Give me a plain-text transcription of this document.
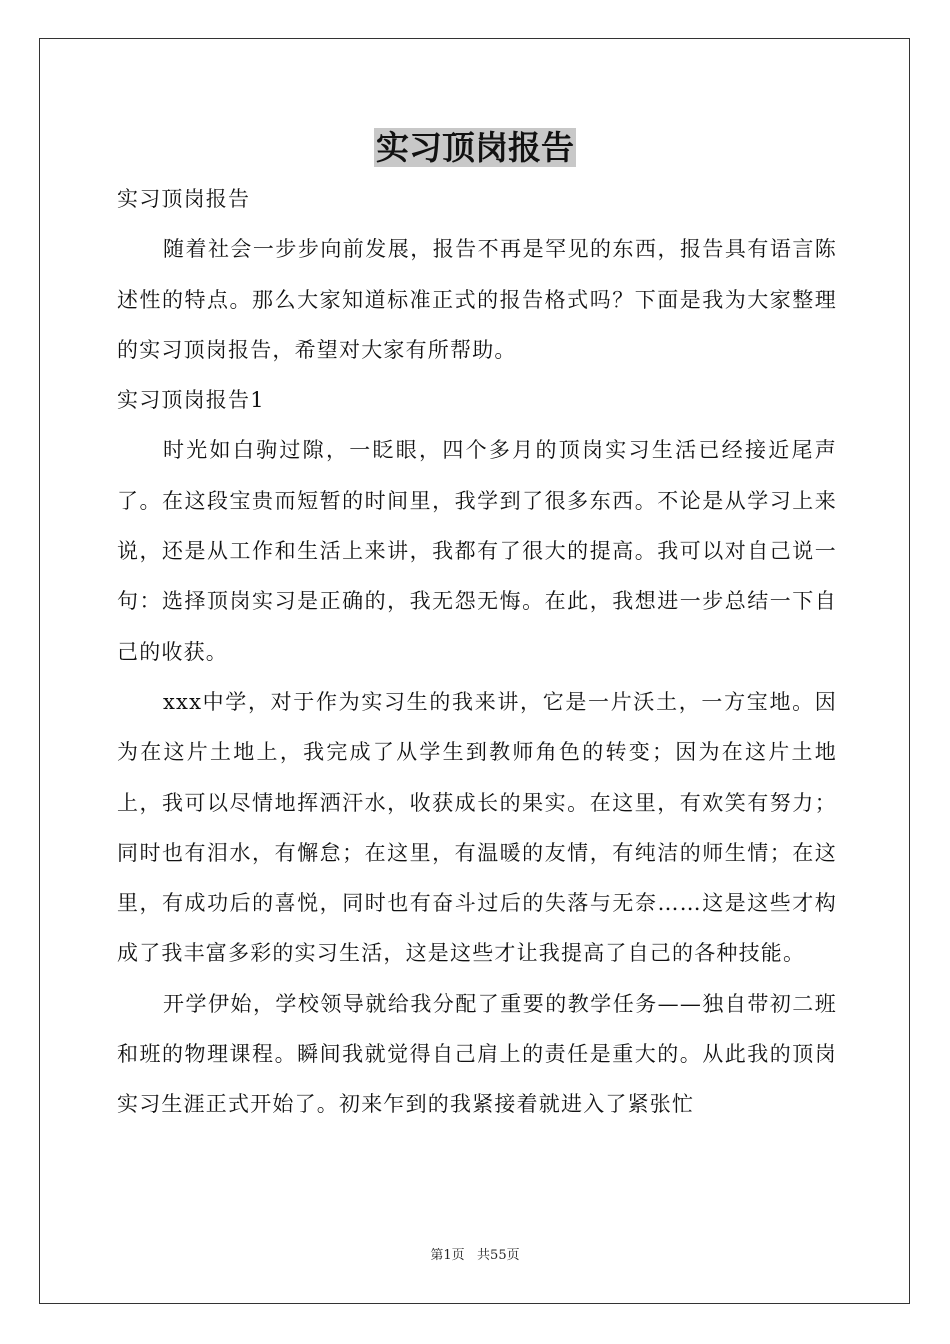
实习顶岗报告

实习顶岗报告

随着社会一步步向前发展，报告不再是罕见的东西，报告具有语言陈述性的特点。那么大家知道标准正式的报告格式吗？下面是我为大家整理的实习顶岗报告，希望对大家有所帮助。

实习顶岗报告1

时光如白驹过隙，一眨眼，四个多月的顶岗实习生活已经接近尾声了。在这段宝贵而短暂的时间里，我学到了很多东西。不论是从学习上来说，还是从工作和生活上来讲，我都有了很大的提高。我可以对自己说一句：选择顶岗实习是正确的，我无怨无悔。在此，我想进一步总结一下自己的收获。

xxx中学，对于作为实习生的我来讲，它是一片沃土，一方宝地。因为在这片土地上，我完成了从学生到教师角色的转变；因为在这片土地上，我可以尽情地挥洒汗水，收获成长的果实。在这里，有欢笑有努力；同时也有泪水，有懈怠；在这里，有温暖的友情，有纯洁的师生情；在这里，有成功后的喜悦，同时也有奋斗过后的失落与无奈……这是这些才构成了我丰富多彩的实习生活，这是这些才让我提高了自己的各种技能。

开学伊始，学校领导就给我分配了重要的教学任务——独自带初二班和班的物理课程。瞬间我就觉得自己肩上的责任是重大的。从此我的顶岗实习生涯正式开始了。初来乍到的我紧接着就进入了紧张忙

第1页   共55页
